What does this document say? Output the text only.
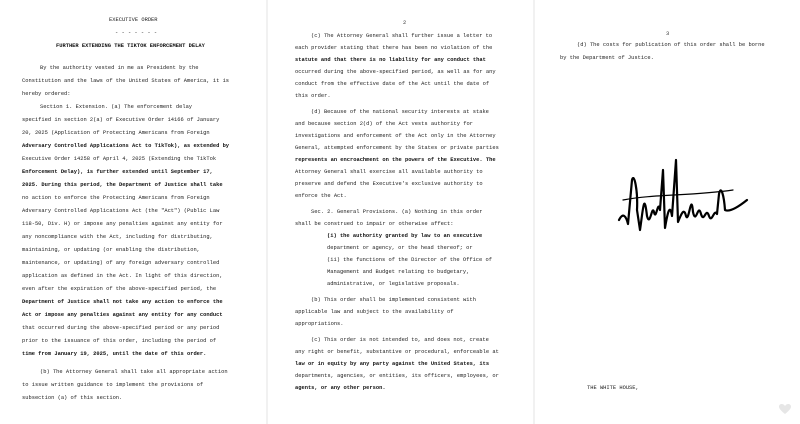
EXECUTIVE ORDER
- - - - - - -
FURTHER EXTENDING THE TIKTOK ENFORCEMENT DELAY
By the authority vested in me as President by the
Constitution and the laws of the United States of America, it is
hereby ordered:
Section 1. Extension. (a) The enforcement delay
specified in section 2(a) of Executive Order 14166 of January
20, 2025 (Application of Protecting Americans from Foreign
Adversary Controlled Applications Act to TikTok), as extended by
Executive Order 14258 of April 4, 2025 (Extending the TikTok
Enforcement Delay), is further extended until September 17,
2025. During this period, the Department of Justice shall take
no action to enforce the Protecting Americans from Foreign
Adversary Controlled Applications Act (the "Act") (Public Law
118-50, Div. H) or impose any penalties against any entity for
any noncompliance with the Act, including for distributing,
maintaining, or updating (or enabling the distribution,
maintenance, or updating) of any foreign adversary controlled
application as defined in the Act. In light of this direction,
even after the expiration of the above-specified period, the
Department of Justice shall not take any action to enforce the
Act or impose any penalties against any entity for any conduct
that occurred during the above-specified period or any period
prior to the issuance of this order, including the period of
time from January 19, 2025, until the date of this order.
(b) The Attorney General shall take all appropriate action
to issue written guidance to implement the provisions of
subsection (a) of this section.
2
(c) The Attorney General shall further issue a letter to
each provider stating that there has been no violation of the
statute and that there is no liability for any conduct that
occurred during the above-specified period, as well as for any
conduct from the effective date of the Act until the date of
this order.
(d) Because of the national security interests at stake
and because section 2(d) of the Act vests authority for
investigations and enforcement of the Act only in the Attorney
General, attempted enforcement by the States or private parties
represents an encroachment on the powers of the Executive. The
Attorney General shall exercise all available authority to
preserve and defend the Executive's exclusive authority to
enforce the Act.
Sec. 2. General Provisions. (a) Nothing in this order
shall be construed to impair or otherwise affect:
(i) the authority granted by law to an executive
department or agency, or the head thereof; or
(ii) the functions of the Director of the Office of
Management and Budget relating to budgetary,
administrative, or legislative proposals.
(b) This order shall be implemented consistent with
applicable law and subject to the availability of
appropriations.
(c) This order is not intended to, and does not, create
any right or benefit, substantive or procedural, enforceable at
law or in equity by any party against the United States, its
departments, agencies, or entities, its officers, employees, or
agents, or any other person.
3
(d) The costs for publication of this order shall be borne
by the Department of Justice.
THE WHITE HOUSE,
